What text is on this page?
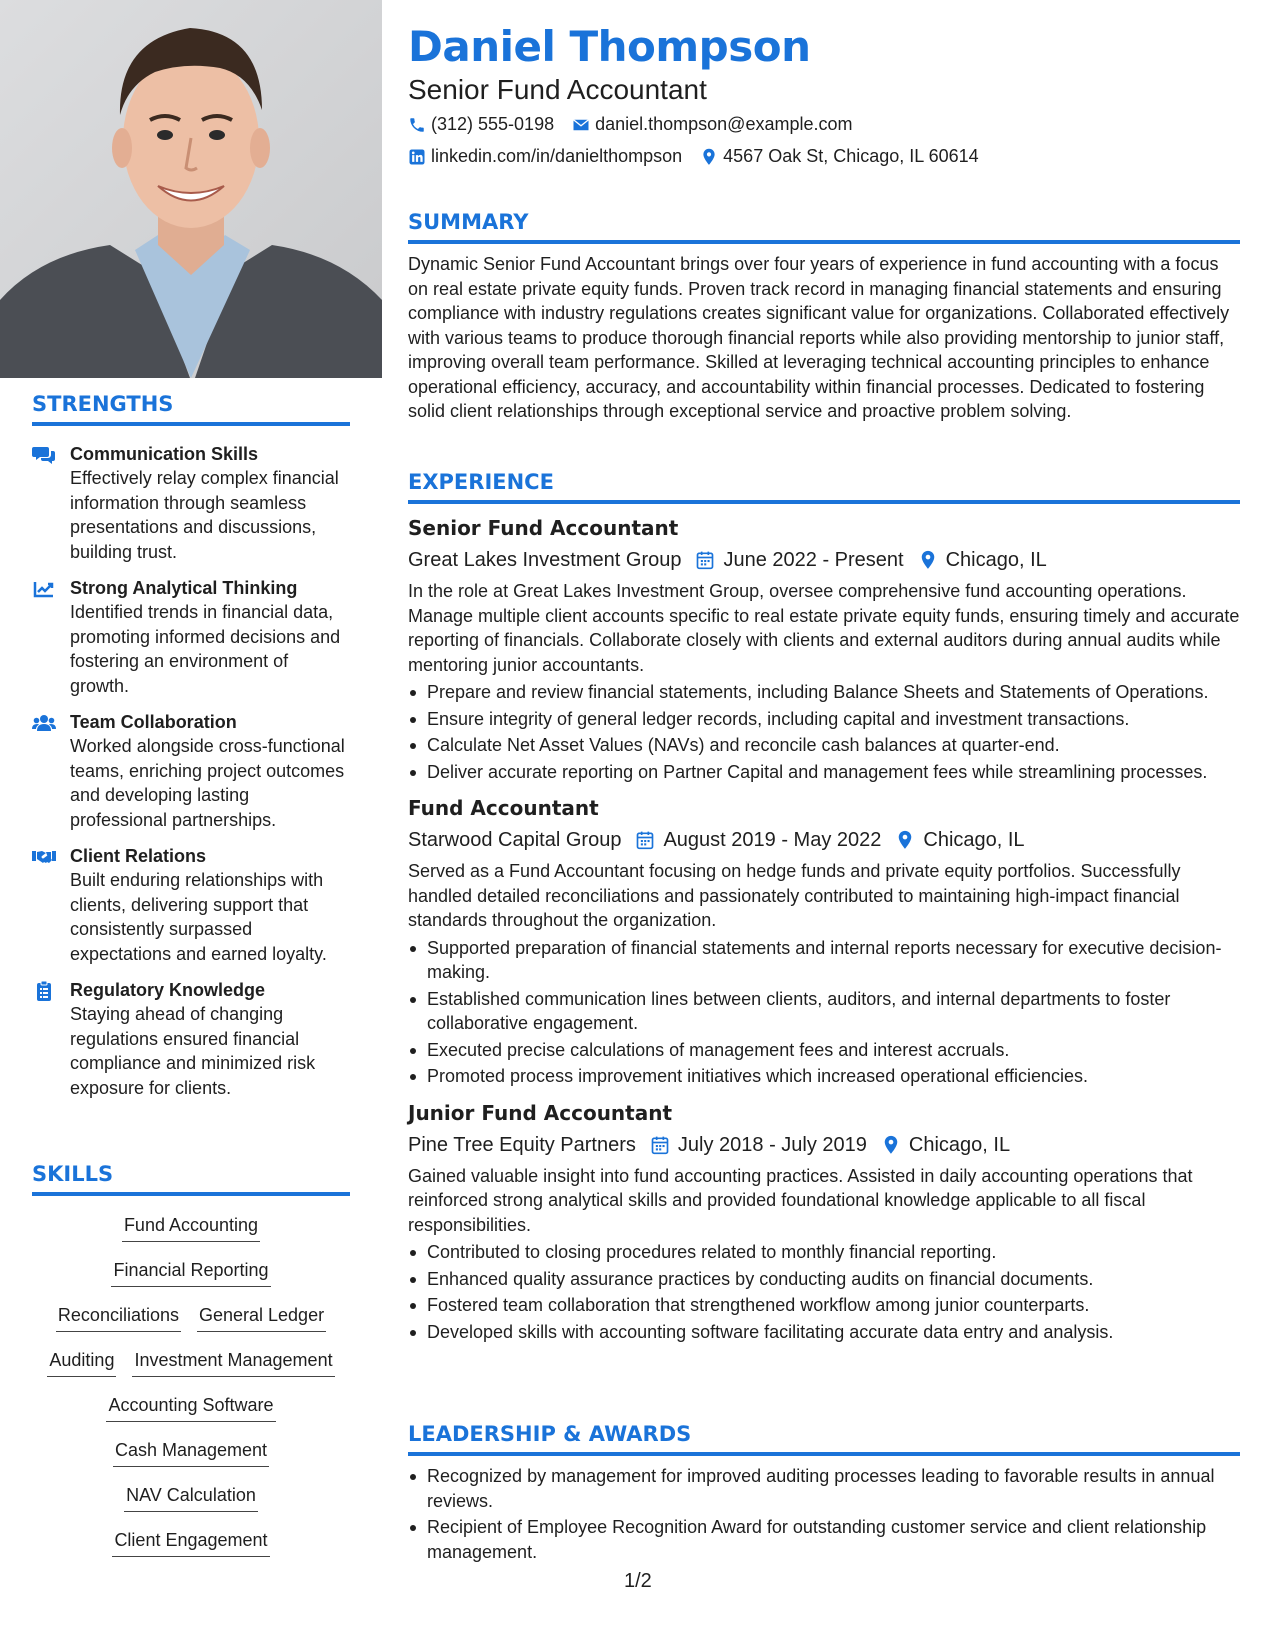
STRENGTHS
Communication Skills
Effectively relay complex financial information through seamless presentations and discussions, building trust.
Strong Analytical Thinking
Identified trends in financial data, promoting informed decisions and fostering an environment of growth.
Team Collaboration
Worked alongside cross-functional teams, enriching project outcomes and developing lasting professional partnerships.
Client Relations
Built enduring relationships with clients, delivering support that consistently surpassed expectations and earned loyalty.
Regulatory Knowledge
Staying ahead of changing regulations ensured financial compliance and minimized risk exposure for clients.
SKILLS
Fund Accounting
Financial Reporting
Reconciliations General Ledger
Auditing Investment Management
Accounting Software
Cash Management
NAV Calculation
Client Engagement
Daniel Thompson
Senior Fund Accountant
(312) 555-0198 daniel.thompson@example.com
linkedin.com/in/danielthompson 4567 Oak St, Chicago, IL 60614
SUMMARY
Dynamic Senior Fund Accountant brings over four years of experience in fund accounting with a focus on real estate private equity funds. Proven track record in managing financial statements and ensuring compliance with industry regulations creates significant value for organizations. Collaborated effectively with various teams to produce thorough financial reports while also providing mentorship to junior staff, improving overall team performance. Skilled at leveraging technical accounting principles to enhance operational efficiency, accuracy, and accountability within financial processes. Dedicated to fostering solid client relationships through exceptional service and proactive problem solving.
EXPERIENCE
Senior Fund Accountant
Great Lakes Investment Group June 2022 - Present Chicago, IL
In the role at Great Lakes Investment Group, oversee comprehensive fund accounting operations. Manage multiple client accounts specific to real estate private equity funds, ensuring timely and accurate reporting of financials. Collaborate closely with clients and external auditors during annual audits while mentoring junior accountants.
Prepare and review financial statements, including Balance Sheets and Statements of Operations.
Ensure integrity of general ledger records, including capital and investment transactions.
Calculate Net Asset Values (NAVs) and reconcile cash balances at quarter-end.
Deliver accurate reporting on Partner Capital and management fees while streamlining processes.
Fund Accountant
Starwood Capital Group August 2019 - May 2022 Chicago, IL
Served as a Fund Accountant focusing on hedge funds and private equity portfolios. Successfully handled detailed reconciliations and passionately contributed to maintaining high-impact financial standards throughout the organization.
Supported preparation of financial statements and internal reports necessary for executive decision-making.
Established communication lines between clients, auditors, and internal departments to foster collaborative engagement.
Executed precise calculations of management fees and interest accruals.
Promoted process improvement initiatives which increased operational efficiencies.
Junior Fund Accountant
Pine Tree Equity Partners July 2018 - July 2019 Chicago, IL
Gained valuable insight into fund accounting practices. Assisted in daily accounting operations that reinforced strong analytical skills and provided foundational knowledge applicable to all fiscal responsibilities.
Contributed to closing procedures related to monthly financial reporting.
Enhanced quality assurance practices by conducting audits on financial documents.
Fostered team collaboration that strengthened workflow among junior counterparts.
Developed skills with accounting software facilitating accurate data entry and analysis.
LEADERSHIP & AWARDS
Recognized by management for improved auditing processes leading to favorable results in annual reviews.
Recipient of Employee Recognition Award for outstanding customer service and client relationship management.
1/2
